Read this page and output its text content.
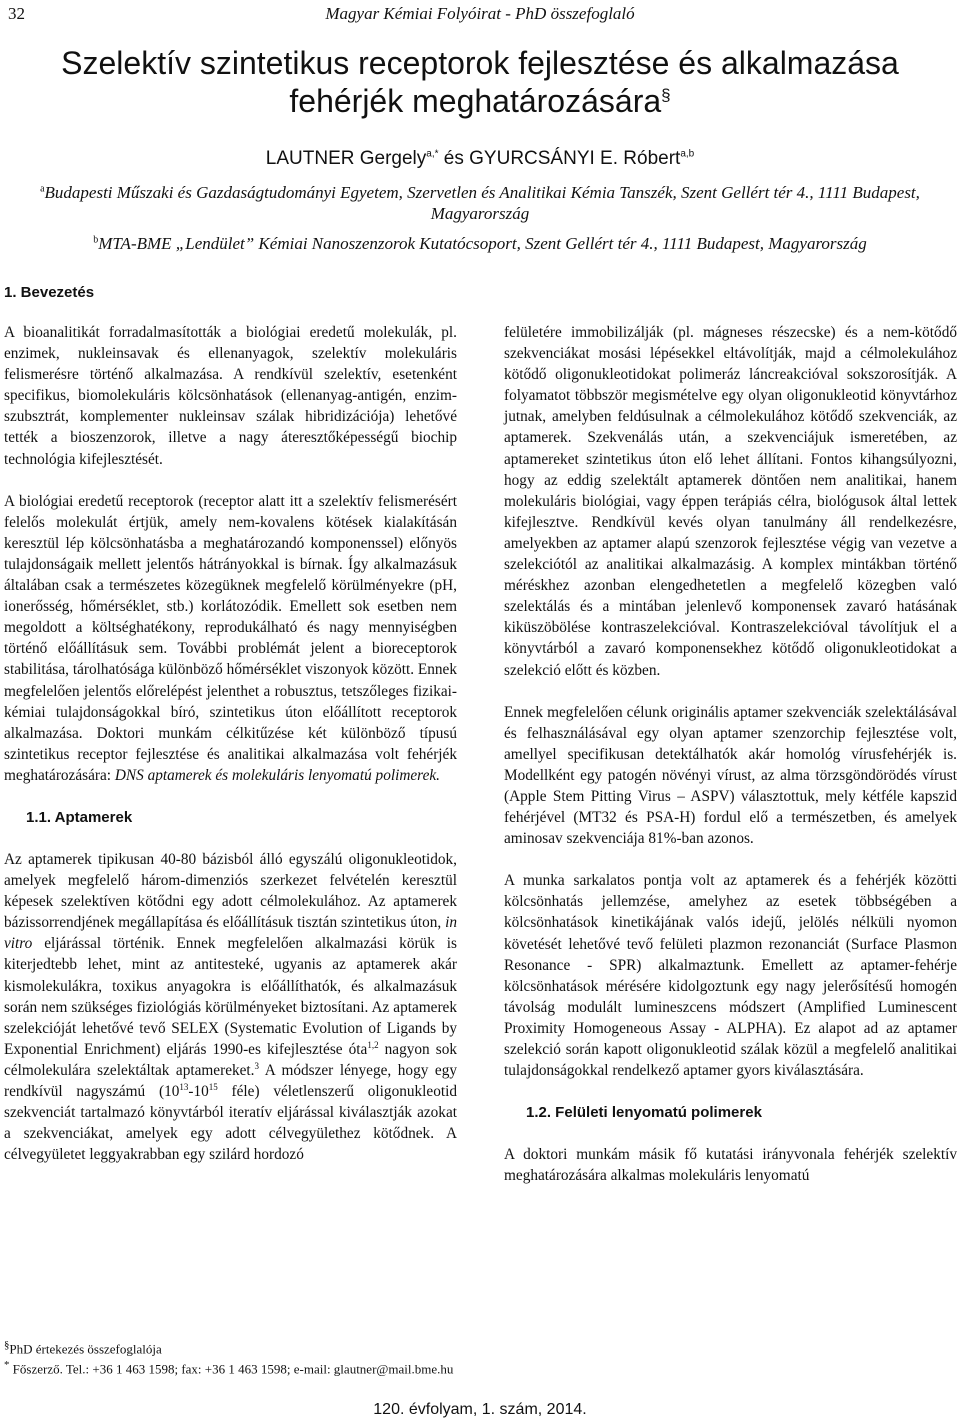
32	Magyar Kémiai Folyóirat - PhD összefoglaló
Szelektív szintetikus receptorok fejlesztése és alkalmazása
fehérjék meghatározására§
LAUTNER Gergely$^{a,*}$ és GYURCSÁNYI E. Róbert$^{a,b}$
$^a$Budapesti Műszaki és Gazdaságtudományi Egyetem, Szervetlen és Analitikai Kémia Tanszék, Szent Gellért tér 4., 1111 Budapest, Magyarország
$^b$MTA-BME „Lendület” Kémiai Nanoszenzorok Kutatócsoport, Szent Gellért tér 4., 1111 Budapest, Magyarország
1. Bevezetés

A bioanalitikát forradalmasították a biológiai eredetű molekulák, pl. enzimek, nukleinsavak és ellenanyagok, szelektív molekuláris felismerésre történő alkalmazása. A rendkívül szelektív, esetenként specifikus, biomolekuláris kölcsönhatások (ellenanyag-antigén, enzim-szubsztrát, komplementer nukleinsav szálak hibridizációja) lehetővé tették a bioszenzorok, illetve a nagy áteresztőképességű biochip technológia kifejlesztését.

A biológiai eredetű receptorok (receptor alatt itt a szelektív felismerésért felelős molekulát értjük, amely nem-kovalens kötések kialakításán keresztül lép kölcsönhatásba a meghatározandó komponenssel) előnyös tulajdonságaik mellett jelentős hátrányokkal is bírnak. Így alkalmazásuk általában csak a természetes közegüknek megfelelő körülményekre (pH, ionerősség, hőmérséklet, stb.) korlátozódik. Emellett sok esetben nem megoldott a költséghatékony, reprodukálható és nagy mennyiségben történő előállításuk sem. További problémát jelent a bioreceptorok stabilitása, tárolhatósága különböző hőmérséklet viszonyok között. Ennek megfelelően jelentős előrelépést jelenthet a robusztus, tetszőleges fizikai-kémiai tulajdonságokkal bíró, szintetikus úton előállított receptorok alkalmazása. Doktori munkám célkitűzése két különböző típusú szintetikus receptor fejlesztése és analitikai alkalmazása volt fehérjék meghatározására: DNS aptamerek és molekuláris lenyomatú polimerek.

1.1. Aptamerek

Az aptamerek tipikusan 40-80 bázisból álló egyszálú oligonukleotidok, amelyek megfelelő három-dimenziós szerkezet felvételén keresztül képesek szelektíven kötődni egy adott célmolekulához. Az aptamerek bázissorrendjének megállapítása és előállításuk tisztán szintetikus úton, in vitro eljárással történik. Ennek megfelelően alkalmazási körük is kiterjedtebb lehet, mint az antitesteké, ugyanis az aptamerek akár kismolekulákra, toxikus anyagokra is előállíthatók, és alkalmazásuk során nem szükséges fiziológiás körülményeket biztosítani. Az aptamerek szelekcióját lehetővé tevő SELEX (Systematic Evolution of Ligands by Exponential Enrichment) eljárás 1990-es kifejlesztése óta$^{1,2}$ nagyon sok célmolekulára szelektáltak aptamereket.$^3$ A módszer lényege, hogy egy rendkívül nagyszámú ($10^{13}-10^{15}$ féle) véletlenszerű oligonukleotid szekvenciát tartalmazó könyvtárból iteratív eljárással kiválasztják azokat a szekvenciákat, amelyek egy adott célvegyülethez kötődnek. A célvegyületet leggyakrabban egy szilárd hordozó

felületére immobilizálják (pl. mágneses részecske) és a nem-kötődő szekvenciákat mosási lépésekkel eltávolítják, majd a célmolekulához kötődő oligonukleotidokat polimeráz láncreakcióval sokszorosítják. A folyamatot többször megismételve egy olyan oligonukleotid könyvtárhoz jutnak, amelyben feldúsulnak a célmolekulához kötődő szekvenciák, az aptamerek. Szekvenálás után, a szekvenciájuk ismeretében, az aptamereket szintetikus úton elő lehet állítani. Fontos kihangsúlyozni, hogy az eddig szelektált aptamerek döntően nem analitikai, hanem molekuláris biológiai, vagy éppen terápiás célra, biológusok által lettek kifejlesztve. Rendkívül kevés olyan tanulmány áll rendelkezésre, amelyekben az aptamer alapú szenzorok fejlesztése végig van vezetve a szelekciótól az analitikai alkalmazásig. A komplex mintákban történő méréskhez azonban elengedhetetlen a megfelelő közegben való szelektálás és a mintában jelenlevő komponensek zavaró hatásának kiküszöbölése kontraszelekcióval. Kontraszelekcióval távolítjuk el a könyvtárból a zavaró komponensekhez kötődő oligonukleotidokat a szelekció előtt és közben.

Ennek megfelelően célunk originális aptamer szekvenciák szelektálásával és felhasználásával egy olyan aptamer szenzorchip fejlesztése volt, amellyel specifikusan detektálhatók akár homológ vírusfehérjék is. Modellként egy patogén növényi vírust, az alma törzsgöndörödés vírust (Apple Stem Pitting Virus – ASPV) választottuk, mely kétféle kapszid fehérjével (MT32 és PSA-H) fordul elő a természetben, és amelyek aminosav szekvenciája 81%-ban azonos.

A munka sarkalatos pontja volt az aptamerek és a fehérjék közötti kölcsönhatás jellemzése, amelyhez az esetek többségében a kölcsönhatások kinetikájának valós idejű, jelölés nélküli nyomon követését lehetővé tevő felületi plazmon rezonanciát (Surface Plasmon Resonance - SPR) alkalmaztunk. Emellett az aptamer-fehérje kölcsönhatások mérésére kidolgoztunk egy nagy jelerősítésű homogén távolság modulált lumineszcens módszert (Amplified Luminescent Proximity Homogeneous Assay - ALPHA). Ez alapot ad az aptamer szelekció során kapott oligonukleotid szálak közül a megfelelő analitikai tulajdonságokkal rendelkező aptamer gyors kiválasztására.

1.2. Felületi lenyomatú polimerek

A doktori munkám másik fő kutatási irányvonala fehérjék szelektív meghatározására alkalmas molekuláris lenyomatú

§PhD értekezés összefoglalója
* Főszerző. Tel.: +36 1 463 1598; fax: +36 1 463 1598; e-mail: glautner@mail.bme.hu
120. évfolyam, 1. szám, 2014.
